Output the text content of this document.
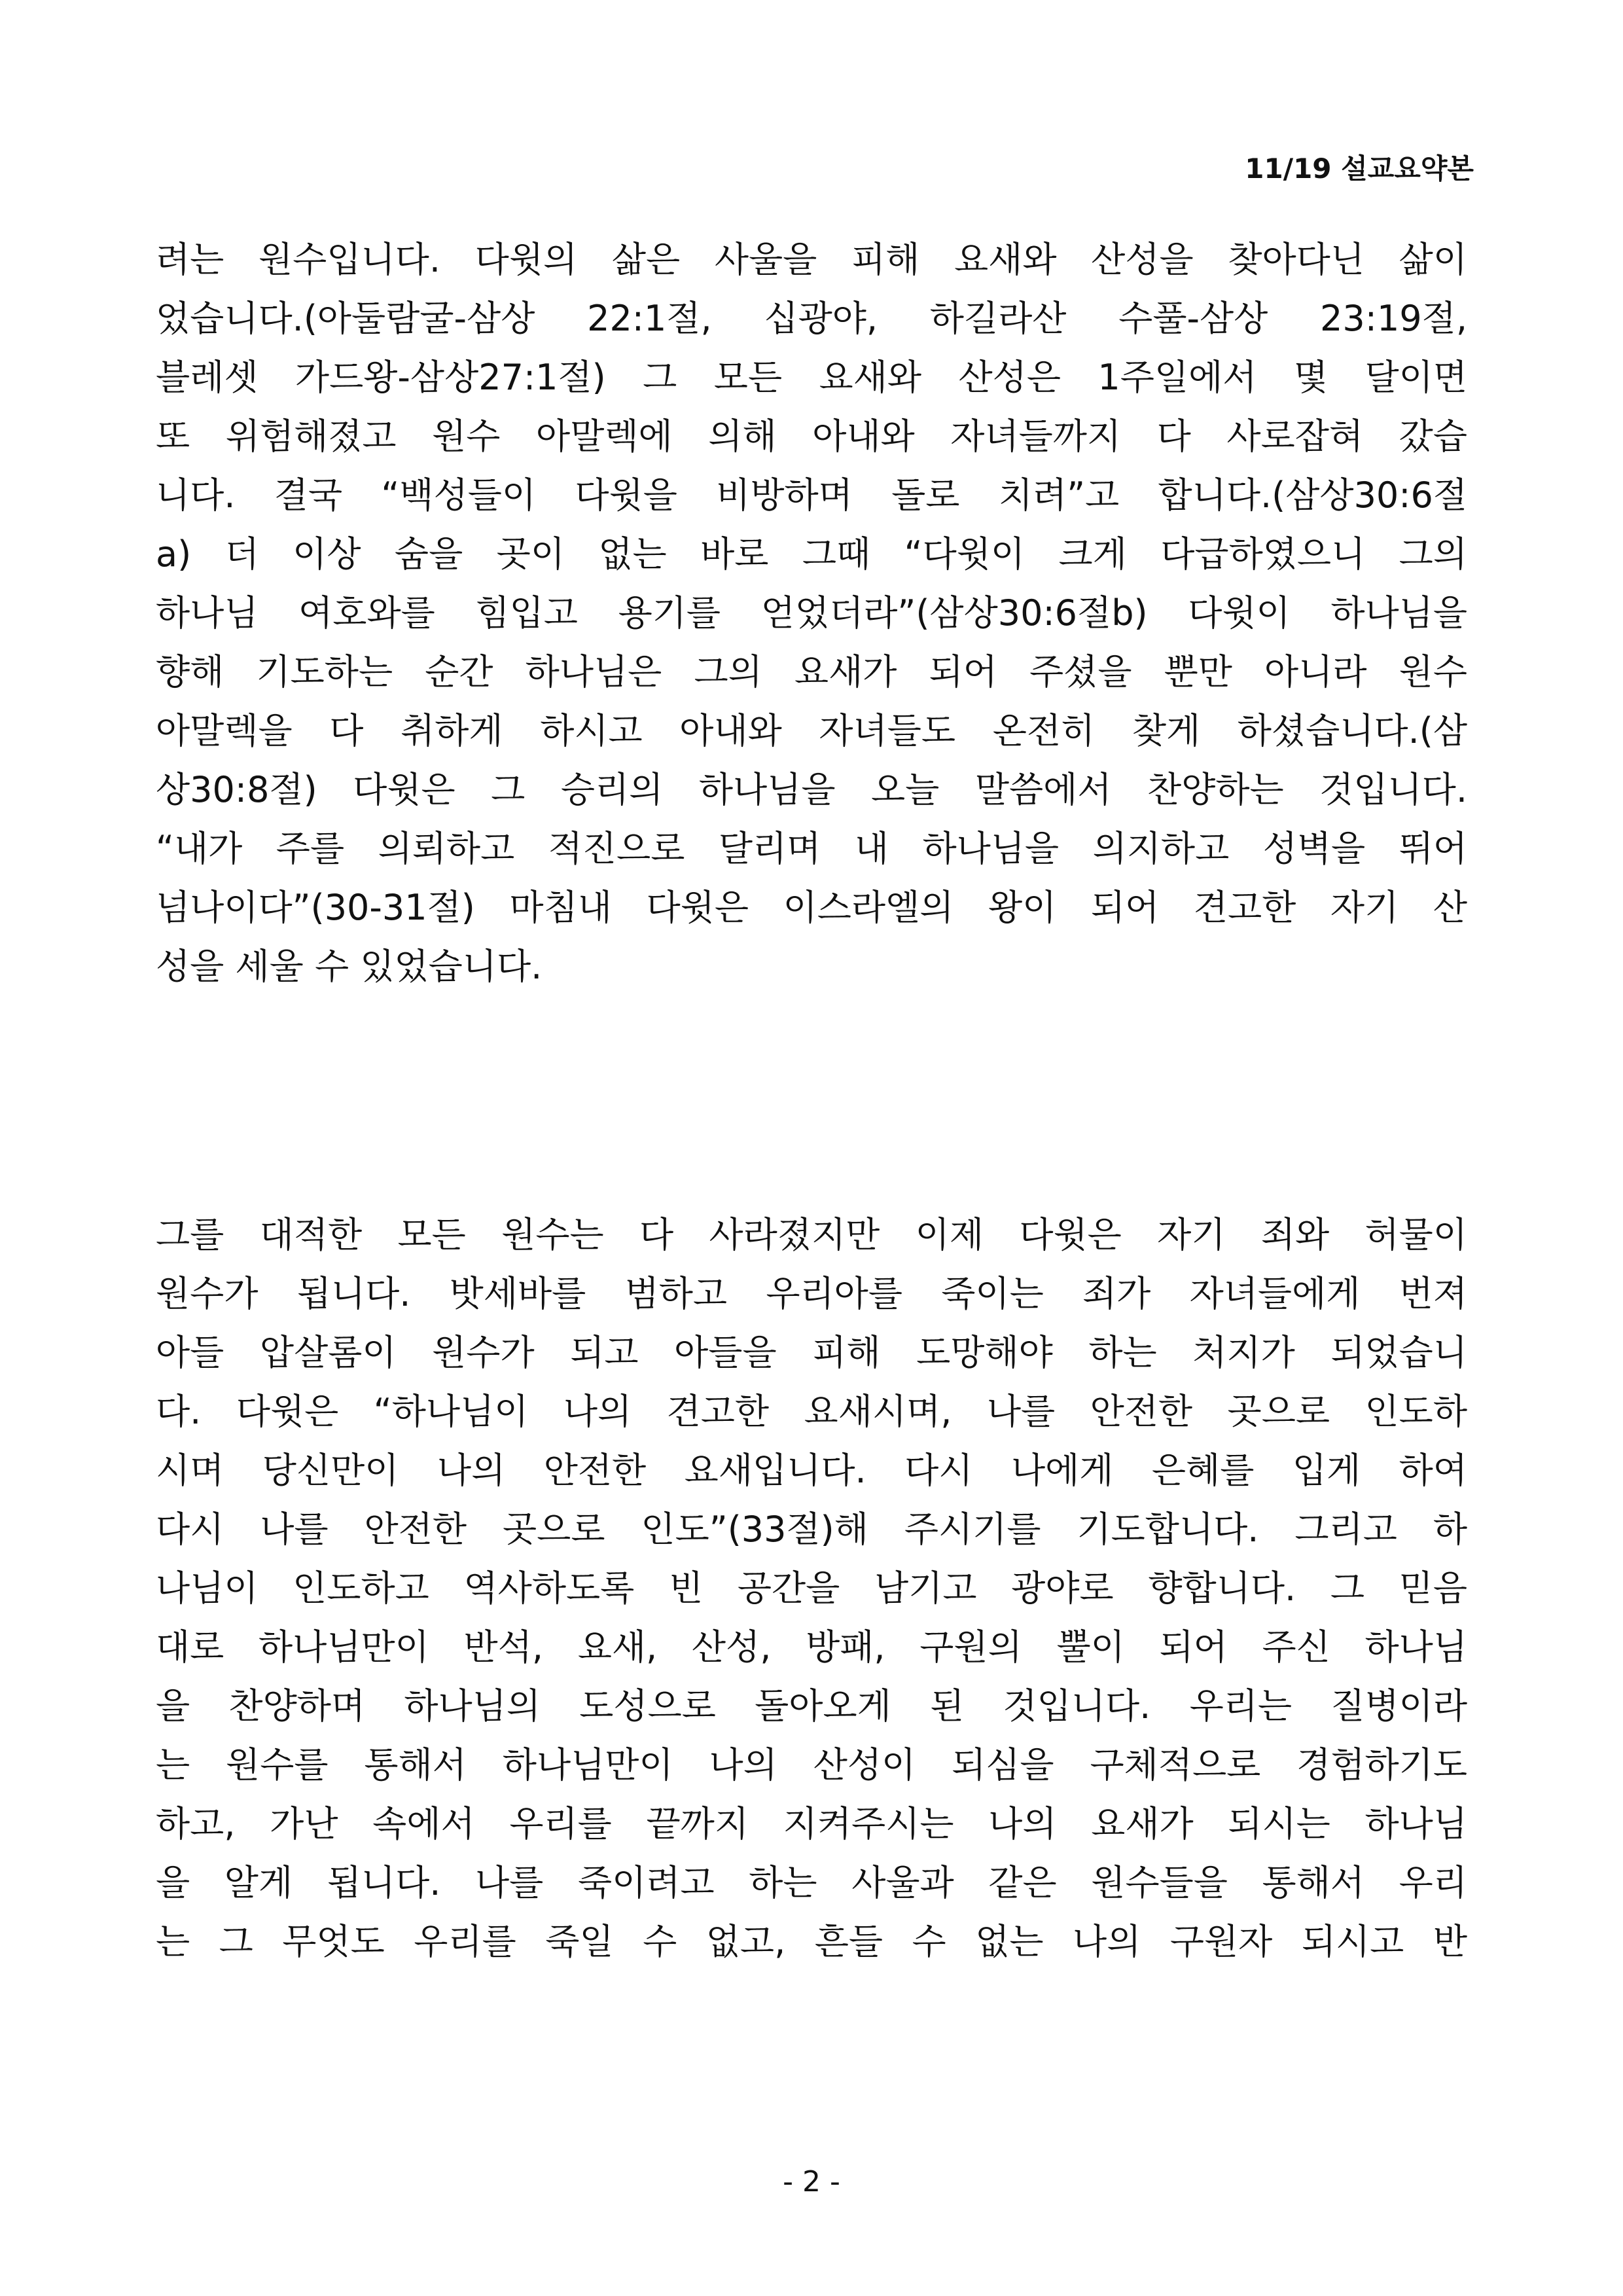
11/19 설교요약본
려는 원수입니다. 다윗의 삶은 사울을 피해 요새와 산성을 찾아다닌 삶이
었습니다.(아둘람굴-삼상 22:1절, 십광야, 하길라산 수풀-삼상 23:19절,
블레셋 가드왕-삼상27:1절) 그 모든 요새와 산성은 1주일에서 몇 달이면
또 위험해졌고 원수 아말렉에 의해 아내와 자녀들까지 다 사로잡혀 갔습
니다. 결국 “백성들이 다윗을 비방하며 돌로 치려”고 합니다.(삼상30:6절
a) 더 이상 숨을 곳이 없는 바로 그때 “다윗이 크게 다급하였으니 그의
하나님 여호와를 힘입고 용기를 얻었더라”(삼상30:6절b) 다윗이 하나님을
향해 기도하는 순간 하나님은 그의 요새가 되어 주셨을 뿐만 아니라 원수
아말렉을 다 취하게 하시고 아내와 자녀들도 온전히 찾게 하셨습니다.(삼
상30:8절) 다윗은 그 승리의 하나님을 오늘 말씀에서 찬양하는 것입니다.
“내가 주를 의뢰하고 적진으로 달리며 내 하나님을 의지하고 성벽을 뛰어
넘나이다”(30-31절) 마침내 다윗은 이스라엘의 왕이 되어 견고한 자기 산
성을 세울 수 있었습니다.
그를 대적한 모든 원수는 다 사라졌지만 이제 다윗은 자기 죄와 허물이
원수가 됩니다. 밧세바를 범하고 우리아를 죽이는 죄가 자녀들에게 번져
아들 압살롬이 원수가 되고 아들을 피해 도망해야 하는 처지가 되었습니
다. 다윗은 “하나님이 나의 견고한 요새시며, 나를 안전한 곳으로 인도하
시며 당신만이 나의 안전한 요새입니다. 다시 나에게 은혜를 입게 하여
다시 나를 안전한 곳으로 인도”(33절)해 주시기를 기도합니다. 그리고 하
나님이 인도하고 역사하도록 빈 공간을 남기고 광야로 향합니다. 그 믿음
대로 하나님만이 반석, 요새, 산성, 방패, 구원의 뿔이 되어 주신 하나님
을 찬양하며 하나님의 도성으로 돌아오게 된 것입니다. 우리는 질병이라
는 원수를 통해서 하나님만이 나의 산성이 되심을 구체적으로 경험하기도
하고, 가난 속에서 우리를 끝까지 지켜주시는 나의 요새가 되시는 하나님
을 알게 됩니다. 나를 죽이려고 하는 사울과 같은 원수들을 통해서 우리
는 그 무엇도 우리를 죽일 수 없고, 흔들 수 없는 나의 구원자 되시고 반
- 2 -
